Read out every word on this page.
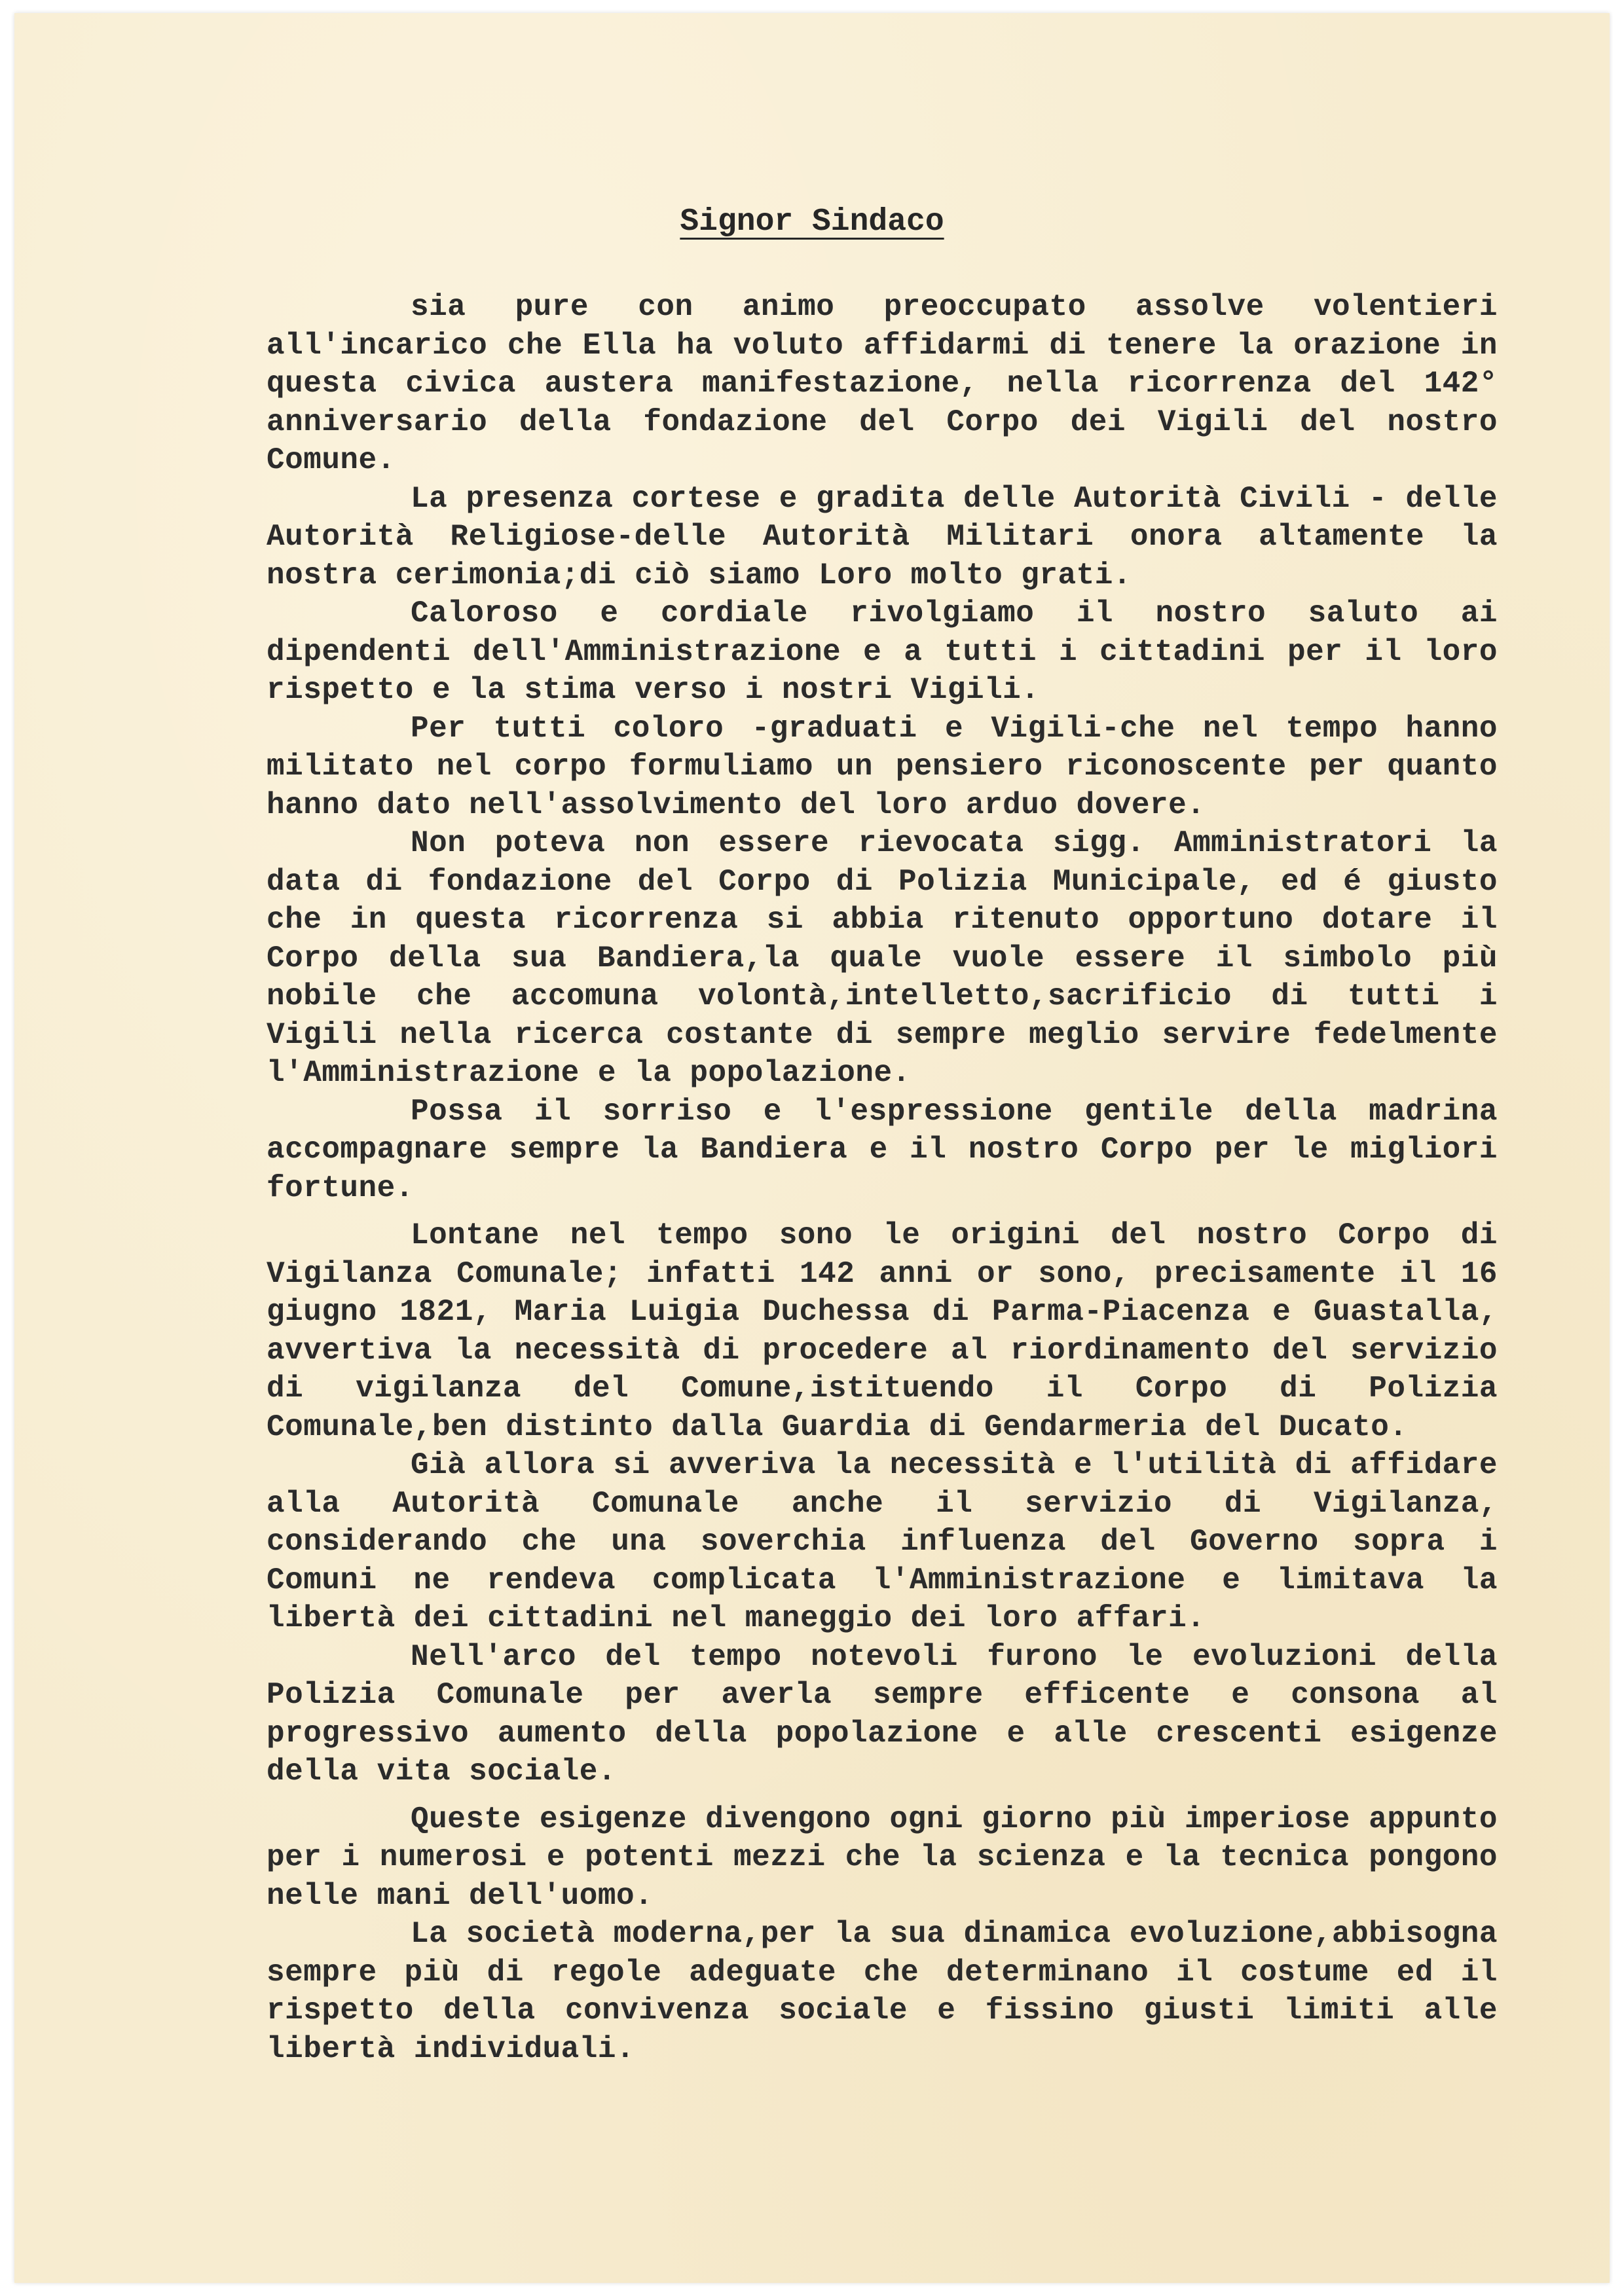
Signor Sindaco

sia pure con animo preoccupato assolve volentieri all'incarico che Ella ha voluto affidarmi di tenere la orazione in questa civica austera manifestazione, nella ricorrenza del 142° anniversario della fondazione del Corpo dei Vigili del nostro Comune.

La presenza cortese e gradita delle Autorità Civili - delle Autorità Religiose-delle Autorità Militari onora altamente la nostra cerimonia;di ciò siamo Loro molto grati.

Caloroso e cordiale rivolgiamo il nostro saluto ai dipendenti dell'Amministrazione e a tutti i cittadini per il loro rispetto e la stima verso i nostri Vigili.

Per tutti coloro -graduati e Vigili-che nel tempo hanno militato nel corpo formuliamo un pensiero riconoscente per quanto hanno dato nell'assolvimento del loro arduo dovere.

Non poteva non essere rievocata sigg. Amministratori la data di fondazione del Corpo di Polizia Municipale, ed é giusto che in questa ricorrenza si abbia ritenuto opportuno dotare il Corpo della sua Bandiera,la quale vuole essere il simbolo più nobile che accomuna volontà,intelletto,sacrificio di tutti i Vigili nella ricerca costante di sempre meglio servire fedelmente l'Amministrazione e la popolazione.

Possa il sorriso e l'espressione gentile della madrina accompagnare sempre la Bandiera e il nostro Corpo per le migliori fortune.

Lontane nel tempo sono le origini del nostro Corpo di Vigilanza Comunale; infatti 142 anni or sono, precisamente il 16 giugno 1821, Maria Luigia Duchessa di Parma-Piacenza e Guastalla, avvertiva la necessità di procedere al riordinamento del servizio di vigilanza del Comune,istituendo il Corpo di Polizia Comunale,ben distinto dalla Guardia di Gendarmeria del Ducato.

Già allora si avveriva la necessità e l'utilità di affidare alla Autorità Comunale anche il servizio di Vigilanza, considerando che una soverchia influenza del Governo sopra i Comuni ne rendeva complicata l'Amministrazione e limitava la libertà dei cittadini nel maneggio dei loro affari.

Nell'arco del tempo notevoli furono le evoluzioni della Polizia Comunale per averla sempre efficente e consona al progressivo aumento della popolazione e alle crescenti esigenze della vita sociale.

Queste esigenze divengono ogni giorno più imperiose appunto per i numerosi e potenti mezzi che la scienza e la tecnica pongono nelle mani dell'uomo.

La società moderna,per la sua dinamica evoluzione,abbisogna sempre più di regole adeguate che determinano il costume ed il rispetto della convivenza sociale e fissino giusti limiti alle libertà individuali.
